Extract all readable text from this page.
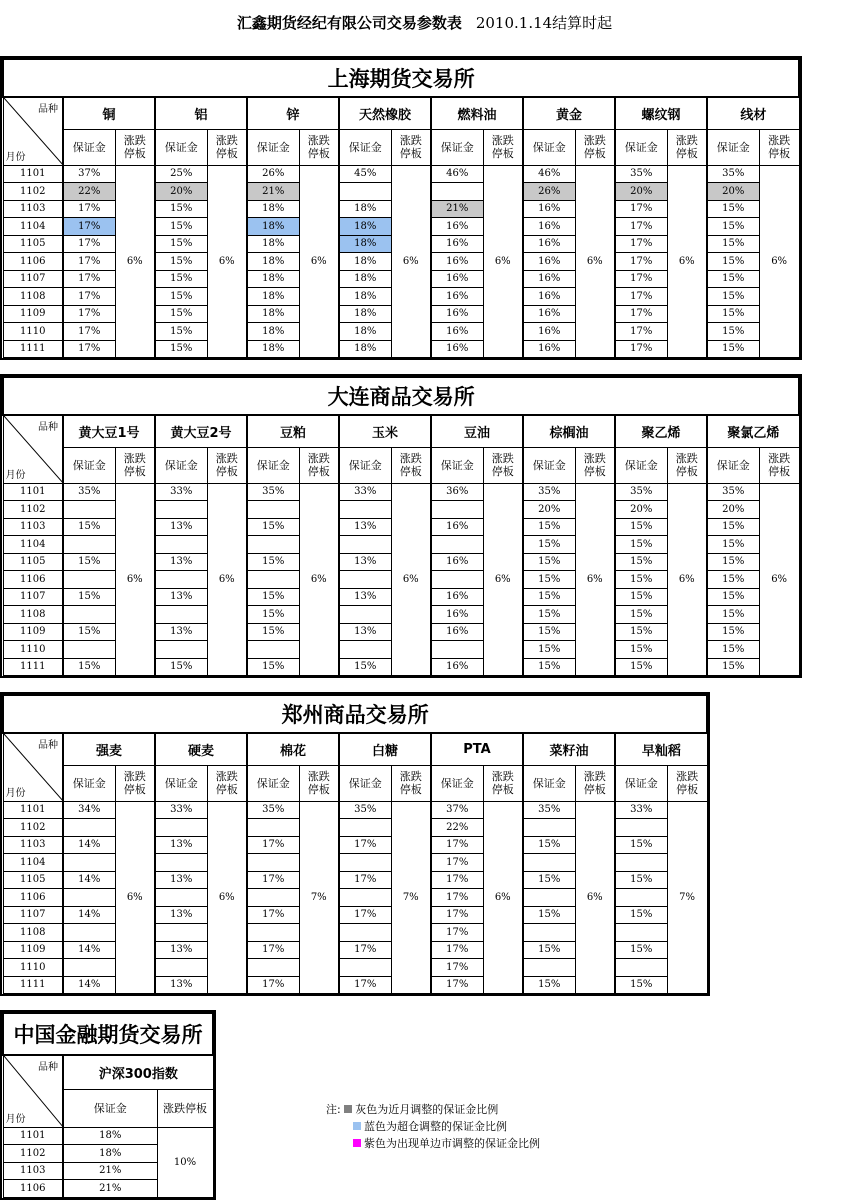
汇鑫期货经纪有限公司交易参数表 2010.1.14结算时起
上海期货交易所																

品种
月份	铜		铝		锌		天然橡胶		燃料油		黄金		螺纹钢		线材	
	保证金	涨跌停板	保证金	涨跌停板	保证金	涨跌停板	保证金	涨跌停板	保证金	涨跌停板	保证金	涨跌停板	保证金	涨跌停板	保证金	涨跌停板
1101	37%	6%	25%	6%	26%	6%	45%	6%	46%	6%	46%	6%	35%	6%	35%	6%
1102	22%		20%		21%						26%		20%		20%	
1103	17%		15%		18%		18%		21%		16%		17%		15%	
1104	17%		15%		18%		18%		16%		16%		17%		15%	
1105	17%		15%		18%		18%		16%		16%		17%		15%	
1106	17%		15%		18%		18%		16%		16%		17%		15%	
1107	17%		15%		18%		18%		16%		16%		17%		15%	
1108	17%		15%		18%		18%		16%		16%		17%		15%	
1109	17%		15%		18%		18%		16%		16%		17%		15%	
1110	17%		15%		18%		18%		16%		16%		17%		15%	
1111	17%		15%		18%		18%		16%		16%		17%		15%	
大连商品交易所																

品种
月份	黄大豆1号		黄大豆2号		豆粕		玉米		豆油		棕榈油		聚乙烯		聚氯乙烯	
	保证金	涨跌停板	保证金	涨跌停板	保证金	涨跌停板	保证金	涨跌停板	保证金	涨跌停板	保证金	涨跌停板	保证金	涨跌停板	保证金	涨跌停板
1101	35%	6%	33%	6%	35%	6%	33%	6%	36%	6%	35%	6%	35%	6%	35%	6%
1102											20%		20%		20%	
1103	15%		13%		15%		13%		16%		15%		15%		15%	
1104											15%		15%		15%	
1105	15%		13%		15%		13%		16%		15%		15%		15%	
1106											15%		15%		15%	
1107	15%		13%		15%		13%		16%		15%		15%		15%	
1108					15%				16%		15%		15%		15%	
1109	15%		13%		15%		13%		16%		15%		15%		15%	
1110											15%		15%		15%	
1111	15%		15%		15%		15%		16%		15%		15%		15%	
郑州商品交易所														

品种
月份	强麦		硬麦		棉花		白糖		PTA		菜籽油		早籼稻	
	保证金	涨跌停板	保证金	涨跌停板	保证金	涨跌停板	保证金	涨跌停板	保证金	涨跌停板	保证金	涨跌停板	保证金	涨跌停板
1101	34%	6%	33%	6%	35%	7%	35%	7%	37%	6%	35%	6%	33%	7%
1102									22%					
1103	14%		13%		17%		17%		17%		15%		15%	
1104									17%					
1105	14%		13%		17%		17%		17%		15%		15%	
1106									17%					
1107	14%		13%		17%		17%		17%		15%		15%	
1108									17%					
1109	14%		13%		17%		17%		17%		15%		15%	
1110									17%					
1111	14%		13%		17%		17%		17%		15%		15%	
中国金融期货交易所		

品种
月份	沪深300指数	
	保证金	涨跌停板
1101	18%	10%
1102	18%	
1103	21%	
1106	21%	
注: 灰色为近月调整的保证金比例
蓝色为超仓调整的保证金比例
紫色为出现单边市调整的保证金比例
